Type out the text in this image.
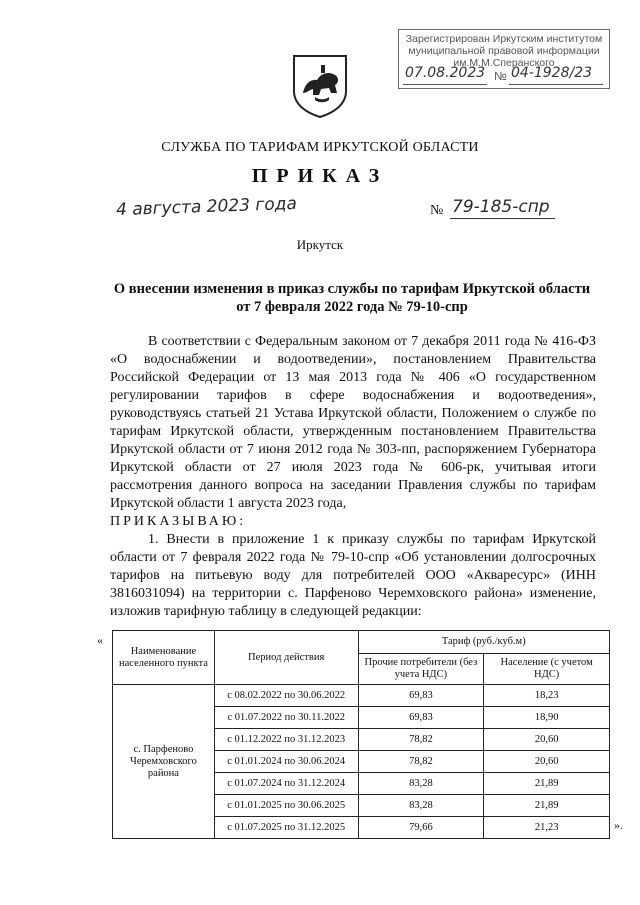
Зарегистрирован Иркутским институтом
муниципальной правовой информации
им.М.М.Сперанского
07.08.2023 № 04-1928/23
СЛУЖБА ПО ТАРИФАМ ИРКУТСКОЙ ОБЛАСТИ
ПРИКАЗ
4 августа 2023 года	№ 79-185-спр
Иркутск
О внесении изменения в приказ службы по тарифам Иркутской области от 7 февраля 2022 года № 79-10-спр

В соответствии с Федеральным законом от 7 декабря 2011 года № 416-ФЗ «О водоснабжении и водоотведении», постановлением Правительства Российской Федерации от 13 мая 2013 года № 406 «О государственном регулировании тарифов в сфере водоснабжения и водоотведения», руководствуясь статьей 21 Устава Иркутской области, Положением о службе по тарифам Иркутской области, утвержденным постановлением Правительства Иркутской области от 7 июня 2012 года № 303-пп, распоряжением Губернатора Иркутской области от 27 июля 2023 года № 606-рк, учитывая итоги рассмотрения данного вопроса на заседании Правления службы по тарифам Иркутской области 1 августа 2023 года,

ПРИКАЗЫВАЮ:

1. Внести в приложение 1 к приказу службы по тарифам Иркутской области от 7 февраля 2022 года № 79-10-спр «Об установлении долгосрочных тарифов на питьевую воду для потребителей ООО «Акваресурс» (ИНН 3816031094) на территории с. Парфеново Черемховского района» изменение, изложив тарифную таблицу в следующей редакции:

«
Наименование населенного пункта	Период действия	Тариф (руб./куб.м)	
		Прочие потребители (без учета НДС)	Население (с учетом НДС)
с. Парфеново Черемховского района	с 08.02.2022 по 30.06.2022	69,83	18,23
	с 01.07.2022 по 30.11.2022	69,83	18,90
	с 01.12.2022 по 31.12.2023	78,82	20,60
	с 01.01.2024 по 30.06.2024	78,82	20,60
	с 01.07.2024 по 31.12.2024	83,28	21,89
	с 01.01.2025 по 30.06.2025	83,28	21,89
	с 01.07.2025 по 31.12.2025	79,66	21,23	».
